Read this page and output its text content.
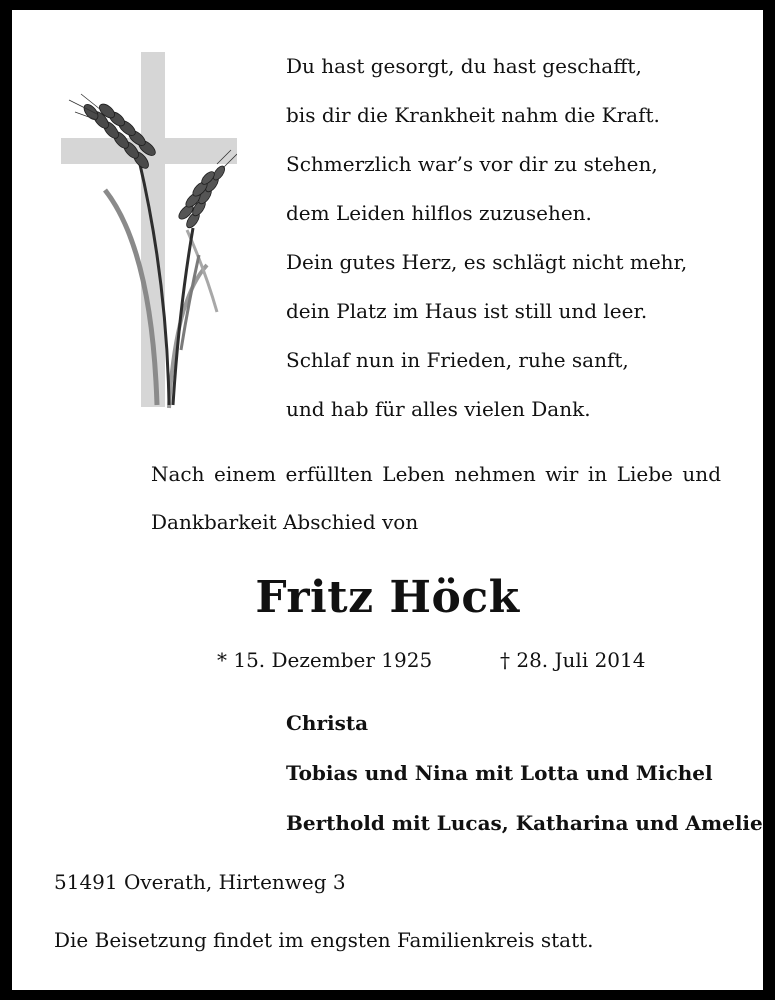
Du hast gesorgt, du hast geschafft,
bis dir die Krankheit nahm die Kraft.
Schmerzlich war’s vor dir zu stehen,
dem Leiden hilflos zuzusehen.
Dein gutes Herz, es schlägt nicht mehr,
dein Platz im Haus ist still und leer.
Schlaf nun in Frieden, ruhe sanft,
und hab für alles vielen Dank.
Nach einem erfüllten Leben nehmen wir in Liebe und Dankbarkeit Abschied von
Fritz Höck
* 15. Dezember 1925	† 28. Juli 2014
Christa
Tobias und Nina mit Lotta und Michel
Berthold mit Lucas, Katharina und Amelie
51491 Overath, Hirtenweg 3
Die Beisetzung findet im engsten Familienkreis statt.
